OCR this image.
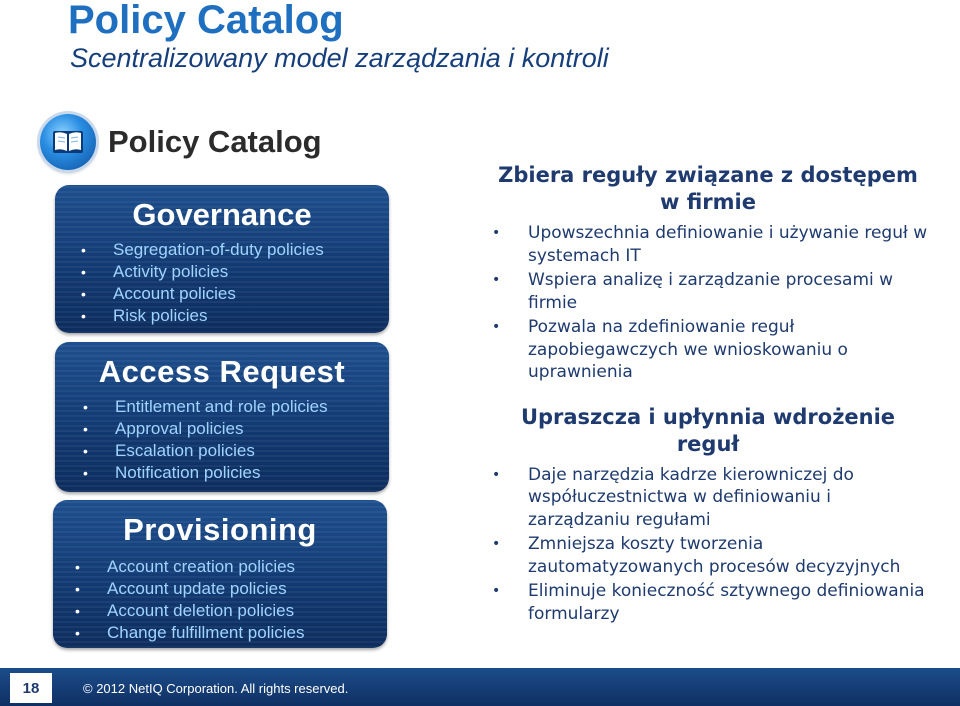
Policy Catalog
Scentralizowany model zarządzania i kontroli
Policy Catalog
Governance
• Segregation-of-duty policies
• Activity policies
• Account policies
• Risk policies
Access Request
• Entitlement and role policies
• Approval policies
• Escalation policies
• Notification policies
Provisioning
• Account creation policies
• Account update policies
• Account deletion policies
• Change fulfillment policies
Zbiera reguły związane z dostępem w firmie
• Upowszechnia definiowanie i używanie reguł w systemach IT
• Wspiera analizę i zarządzanie procesami w firmie
• Pozwala na zdefiniowanie reguł zapobiegawczych we wnioskowaniu o uprawnienia
Upraszcza i upłynnia wdrożenie reguł
• Daje narzędzia kadrze kierowniczej do współuczestnictwa w definiowaniu i zarządzaniu regułami
• Zmniejsza koszty tworzenia zautomatyzowanych procesów decyzyjnych
• Eliminuje konieczność sztywnego definiowania formularzy
18	© 2012 NetIQ Corporation. All rights reserved.
